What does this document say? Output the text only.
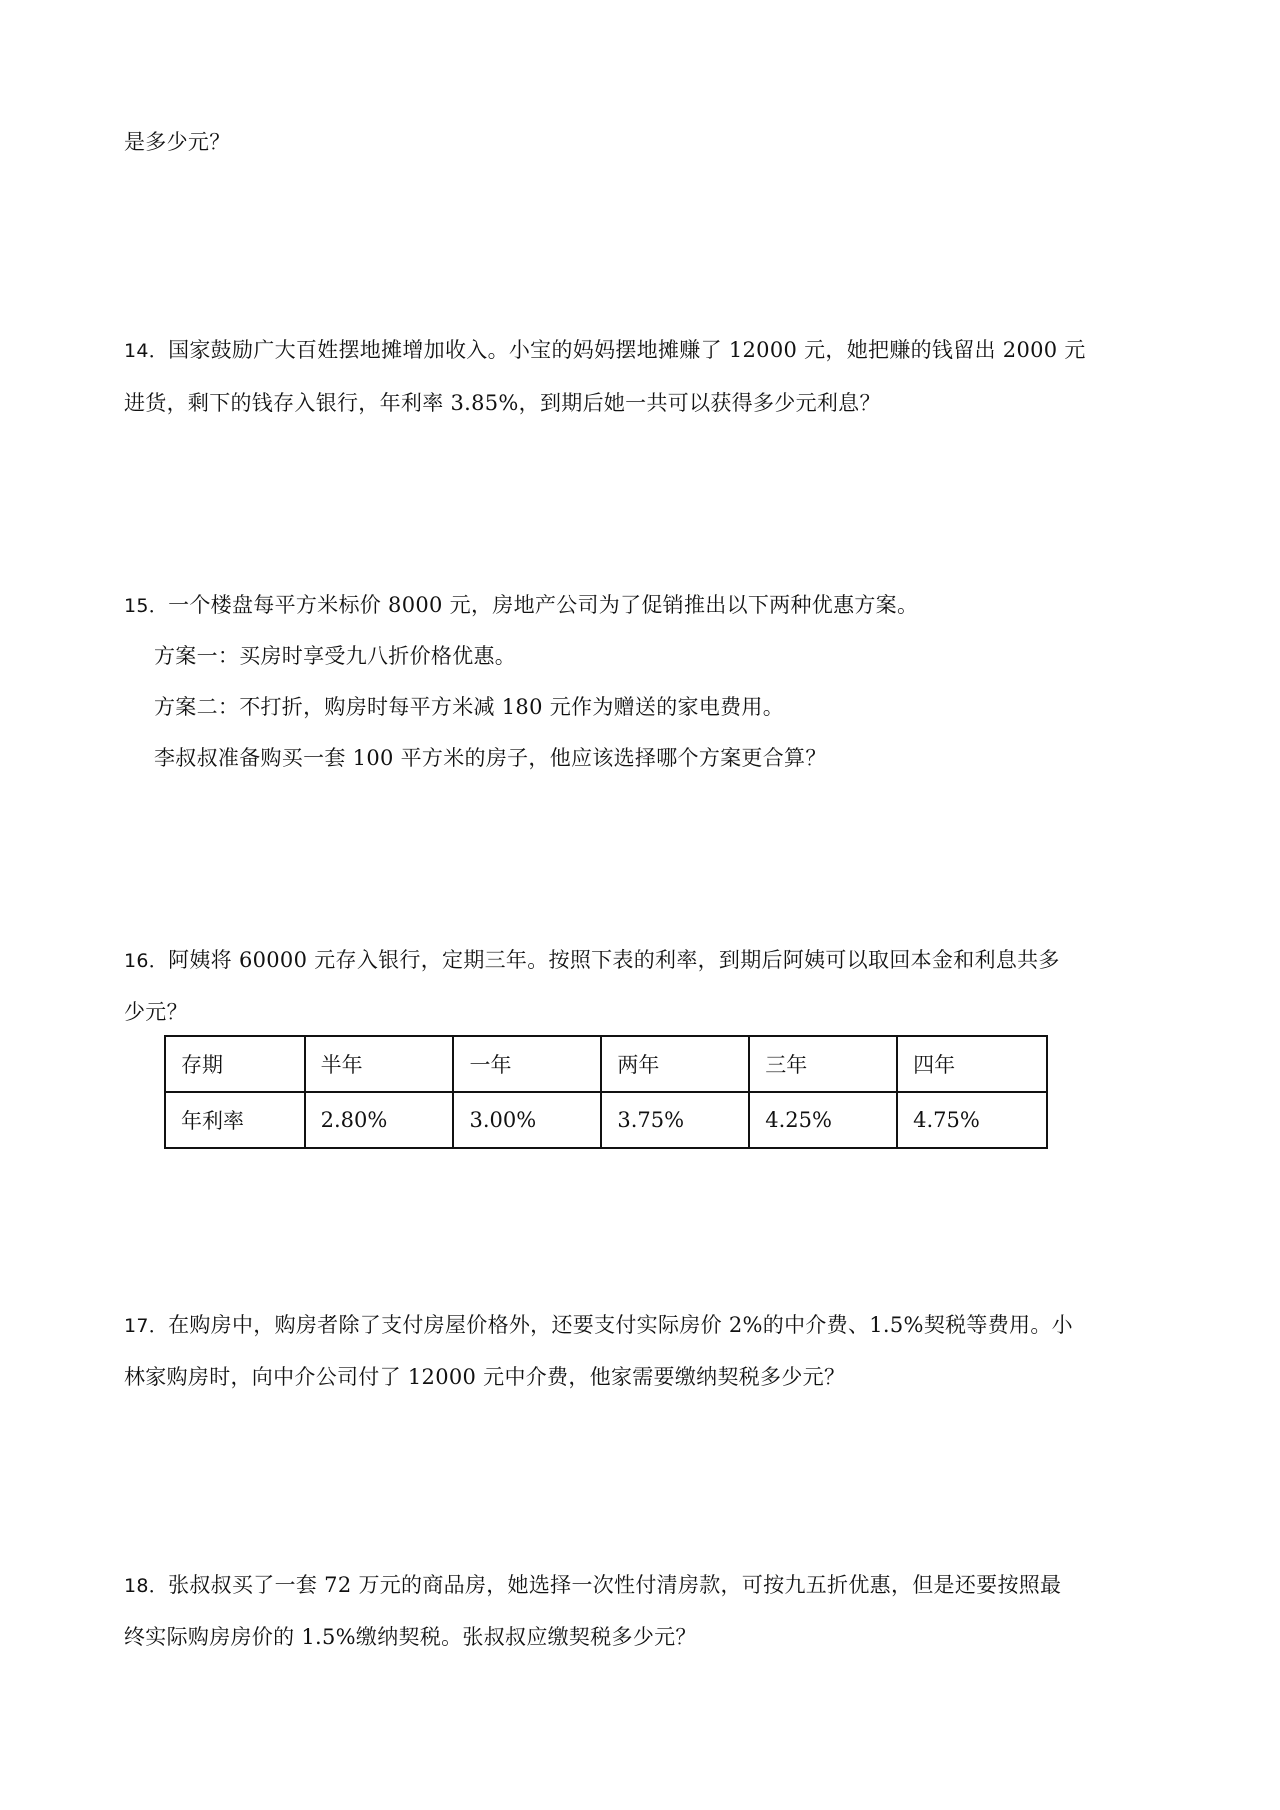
是多少元？
14．国家鼓励广大百姓摆地摊增加收入。小宝的妈妈摆地摊赚了 12000 元，她把赚的钱留出 2000 元
进货，剩下的钱存入银行，年利率 3.85%，到期后她一共可以获得多少元利息？
15．一个楼盘每平方米标价 8000 元，房地产公司为了促销推出以下两种优惠方案。
方案一：买房时享受九八折价格优惠。
方案二：不打折，购房时每平方米减 180 元作为赠送的家电费用。
李叔叔准备购买一套 100 平方米的房子，他应该选择哪个方案更合算？
16．阿姨将 60000 元存入银行，定期三年。按照下表的利率，到期后阿姨可以取回本金和利息共多
少元？
存期	半年	一年	两年	三年	四年
年利率	2.80%	3.00%	3.75%	4.25%	4.75%
17．在购房中，购房者除了支付房屋价格外，还要支付实际房价 2%的中介费、1.5%契税等费用。小
林家购房时，向中介公司付了 12000 元中介费，他家需要缴纳契税多少元？
18．张叔叔买了一套 72 万元的商品房，她选择一次性付清房款，可按九五折优惠，但是还要按照最
终实际购房房价的 1.5%缴纳契税。张叔叔应缴契税多少元？
